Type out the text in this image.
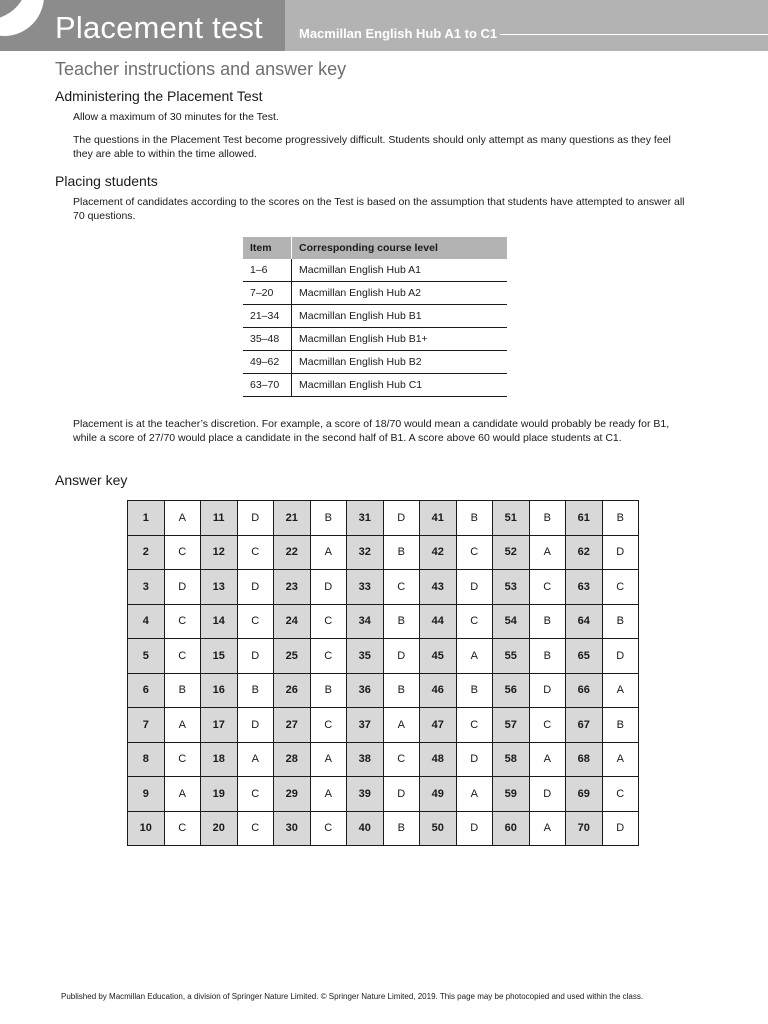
Placement test	Macmillan English Hub A1 to C1
Teacher instructions and answer key
Administering the Placement Test

Allow a maximum of 30 minutes for the Test.

The questions in the Placement Test become progressively difficult. Students should only attempt as many questions as they feel they are able to within the time allowed.

Placing students

Placement of candidates according to the scores on the Test is based on the assumption that students have attempted to answer all 70 questions.

Item	Corresponding course level
1–6	Macmillan English Hub A1
7–20	Macmillan English Hub A2
21–34	Macmillan English Hub B1
35–48	Macmillan English Hub B1+
49–62	Macmillan English Hub B2
63–70	Macmillan English Hub C1

Placement is at the teacher’s discretion. For example, a score of 18/70 would mean a candidate would probably be ready for B1, while a score of 27/70 would place a candidate in the second half of B1. A score above 60 would place students at C1.

Answer key
1	A	11	D	21	B	31	D	41	B	51	B	61	B
2	C	12	C	22	A	32	B	42	C	52	A	62	D
3	D	13	D	23	D	33	C	43	D	53	C	63	C
4	C	14	C	24	C	34	B	44	C	54	B	64	B
5	C	15	D	25	C	35	D	45	A	55	B	65	D
6	B	16	B	26	B	36	B	46	B	56	D	66	A
7	A	17	D	27	C	37	A	47	C	57	C	67	B
8	C	18	A	28	A	38	C	48	D	58	A	68	A
9	A	19	C	29	A	39	D	49	A	59	D	69	C
10	C	20	C	30	C	40	B	50	D	60	A	70	D

Published by Macmillan Education, a division of Springer Nature Limited. © Springer Nature Limited, 2019. This page may be photocopied and used within the class.
